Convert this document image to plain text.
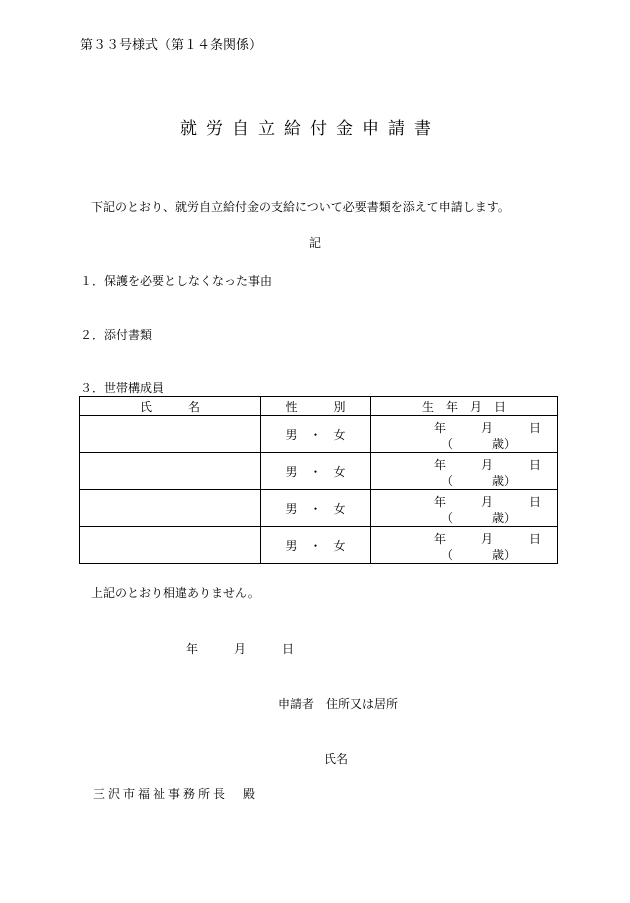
第３３号様式（第１４条関係）
就労自立給付金申請書
下記のとおり、就労自立給付金の支給について必要書類を添えて申請します。
記
１．保護を必要としなくなった事由
２．添付書類
３．世帯構成員
氏　　　名	性　　　別	生　年　月　日
	男　・　女	年 月 日
（ 歳）

	男　・　女	年 月 日
（ 歳）

	男　・　女	年 月 日
（ 歳）

	男　・　女	年 月 日
（ 歳）
上記のとおり相違ありません。
年　　　月　　　日
申請者　住所又は居所
氏名
三沢市福祉事務所長　殿
